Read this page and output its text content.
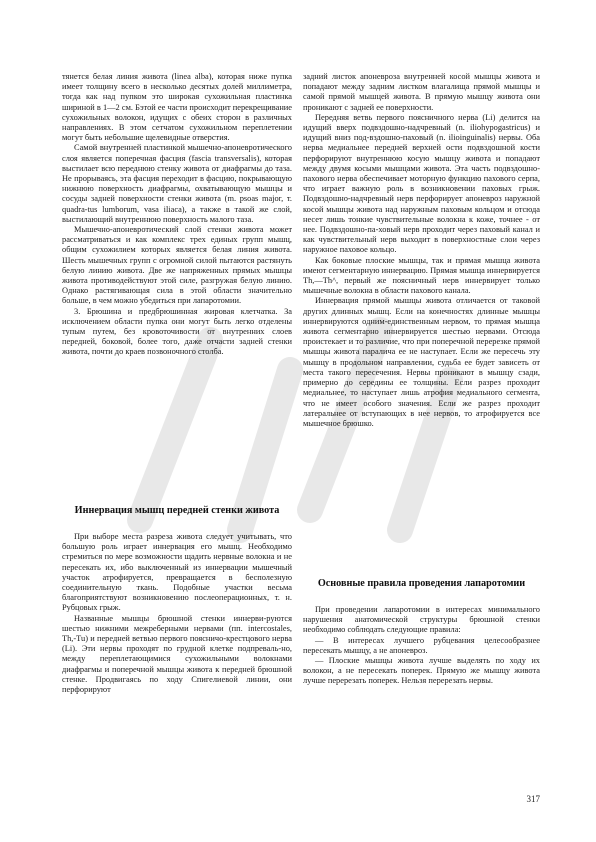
тянется белая линия живота (linea alba), которая ниже пупка имеет толщину всего в несколько десятых долей миллиметра, тогда как над пупком это широкая сухожильная пластинка шириной в 1—2 см. Бэтой ее части происходит перекрещивание сухожильных волокон, идущих с обеих сторон в различных направлениях. В этом сетчатом сухожильном переплетении могут быть небольшие щелевидные отверстия.

Самой внутренней пластинкой мышечно-апоневротического слоя является поперечная фасция (fascia transversalis), которая выстилает всю переднюю стенку живота от диафрагмы до таза. Не прорываясь, эта фасция переходит в фасцию, покрывающую нижнюю поверхность диафрагмы, охватывающую мышцы и сосуды задней поверхности стенки живота (m. psoas major, т. quadra-tus lumborum, vasa iliaca), а также в такой же слой, выстилающий внутреннюю поверхность малого таза.

Мышечно-апоневротический слой стенки живота может рассматриваться и как комплекс трех единых групп мышц, общим сухожилием которых является белая линия живота. Шесть мышечных групп с огромной силой пытаются растянуть белую линию живота. Две же напряженных прямых мышцы живота противодействуют этой силе, разгружая белую линию. Однако растягивающая сила в этой области значительно больше, в чем можно убедиться при лапаротомии.

3. Брюшина и предбрюшинная жировая клетчатка. За исключением области пупка они могут быть легко отделены тупым путем, без кровоточивости от внутренних слоев передней, боковой, более того, даже отчасти задней стенки живота, почти до краев позвоночного столба.

Иннервация мышц передней стенки живота

При выборе места разреза живота следует учитывать, что большую роль играет иннервация его мышц. Необходимо стремиться по мере возможности щадить нервные волокна и не пересекать их, ибо выключенный из иннервации мышечный участок атрофируется, превращается в бесполезную соединительную ткань. Подобные участки весьма благоприятствуют возникновению послеоперационных, т. н. Рубцовых грыж.

Названные мышцы брюшной стенки иннерви-руются шестью нижними межреберными нервами (пп. intercostales, Th,-Tu) и передней ветвью первого поясничо-крестцового нерва (Li). Эти нервы проходят по грудной клетке подпреваль-но, между переплетающимися сухожильными волокнами диафрагмы и поперечной мышцы живота к передней брюшной стенке. Продвигаясь по ходу Спигелиевой линии, они перфорируют

задний листок апоневроза внутренней косой мышцы живота и попадают между задним листком влагалища прямой мышцы и самой прямой мышцей живота. В прямую мышцу живота они проникают с задней ее поверхности.

Передняя ветвь первого поясничного нерва (Li) делится на идущий вверх подвздошно-надчревный (n. iliohypogastricus) и идущий вниз под-вздошно-паховый (n. ilioinguinalis) нервы. Оба нерва медиальнее передней верхней ости подвздошной кости перфорируют внутреннюю косую мышцу живота и попадают между двумя косыми мышцами живота. Эта часть подвздошно-пахового нерва обеспечивает моторную функцию пахового серпа, что играет важную роль в возникновении паховых грыж. Подвздошно-надчревный нерв перфорирует апоневроз наружной косой мышцы живота над наружным паховым кольцом и отсюда несет лишь тонкие чувствительные волокна к коже, точнее - от нее. Подвздошно-па-ховый нерв проходит через паховый канал и как чувствительный нерв выходит в поверхностные слои через наружное паховое кольцо.

Как боковые плоские мышцы, так и прямая мышца живота имеют сегментарную иннервацию. Прямая мышца иннервируется Th,—Th^, первый же поясничный нерв иннервирует только мышечные волокна в области пахового канала.

Иннервация прямой мышцы живота отличается от таковой других длинных мышц. Если на конечностях длинные мышцы иннервируются одним-единственным нервом, то прямая мышца живота сегментарно иннервируется шестью нервами. Отсюда проистекает и то различие, что при поперечной перерезке прямой мышцы живота паралича ее не наступает. Если же пересечь эту мышцу в продольном направлении, судьба ее будет зависеть от места такого пересечения. Нервы проникают в мышцу сзади, примерно до середины ее толщины. Если разрез проходит медиальнее, то наступает лишь атрофия медиального сегмента, что не имеет особого значения. Если же разрез проходит латеральнее от вступающих в нее нервов, то атрофируется все мышечное брюшко.

Основные правила проведения лапаротомии

При проведении лапаротомии в интересах минимального нарушения анатомической структуры брюшной стенки необходимо соблюдать следующие правила:

— В интересах лучшего рубцевания целесообразнее пересекать мышцу, а не апоневроз.

— Плоские мышцы живота лучше выделять по ходу их волокон, а не пересекать поперек. Прямую же мышцу живота лучше перерезать поперек. Нельзя перерезать нервы.

317
